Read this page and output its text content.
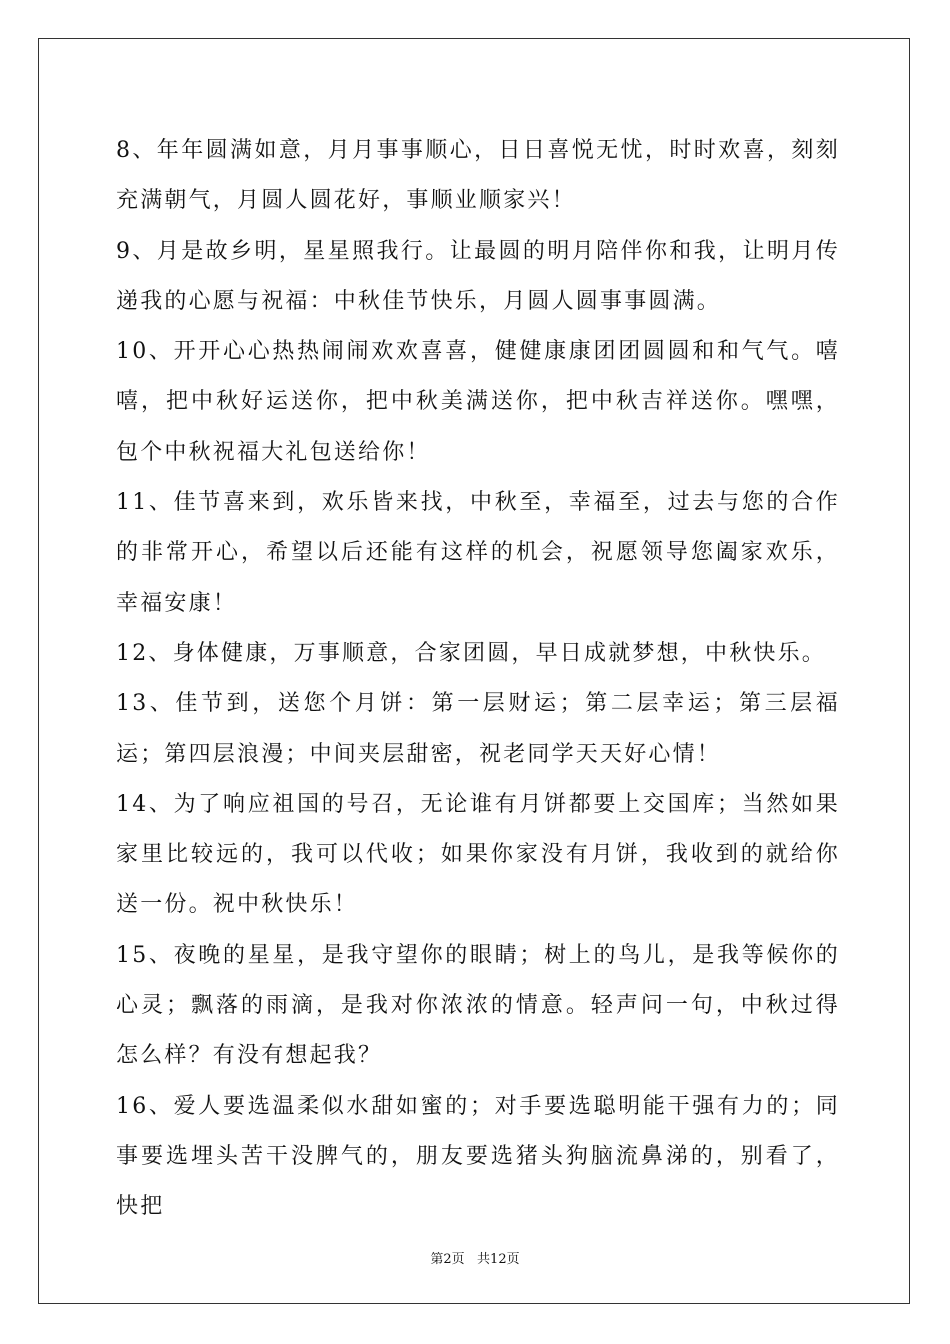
8、年年圆满如意，月月事事顺心，日日喜悦无忧，时时欢喜，刻刻充满朝气，月圆人圆花好，事顺业顺家兴！

9、月是故乡明，星星照我行。让最圆的明月陪伴你和我，让明月传递我的心愿与祝福：中秋佳节快乐，月圆人圆事事圆满。

10、开开心心热热闹闹欢欢喜喜，健健康康团团圆圆和和气气。嘻嘻，把中秋好运送你，把中秋美满送你，把中秋吉祥送你。嘿嘿，包个中秋祝福大礼包送给你！

11、佳节喜来到，欢乐皆来找，中秋至，幸福至，过去与您的合作的非常开心，希望以后还能有这样的机会，祝愿领导您阖家欢乐，幸福安康！

12、身体健康，万事顺意，合家团圆，早日成就梦想，中秋快乐。

13、佳节到，送您个月饼：第一层财运；第二层幸运；第三层福运；第四层浪漫；中间夹层甜密，祝老同学天天好心情！

14、为了响应祖国的号召，无论谁有月饼都要上交国库；当然如果家里比较远的，我可以代收；如果你家没有月饼，我收到的就给你送一份。祝中秋快乐！

15、夜晚的星星，是我守望你的眼睛；树上的鸟儿，是我等候你的心灵；飘落的雨滴，是我对你浓浓的情意。轻声问一句，中秋过得怎么样？有没有想起我？

16、爱人要选温柔似水甜如蜜的；对手要选聪明能干强有力的；同事要选埋头苦干没脾气的，朋友要选猪头狗脑流鼻涕的，别看了，快把

第2页   共12页
